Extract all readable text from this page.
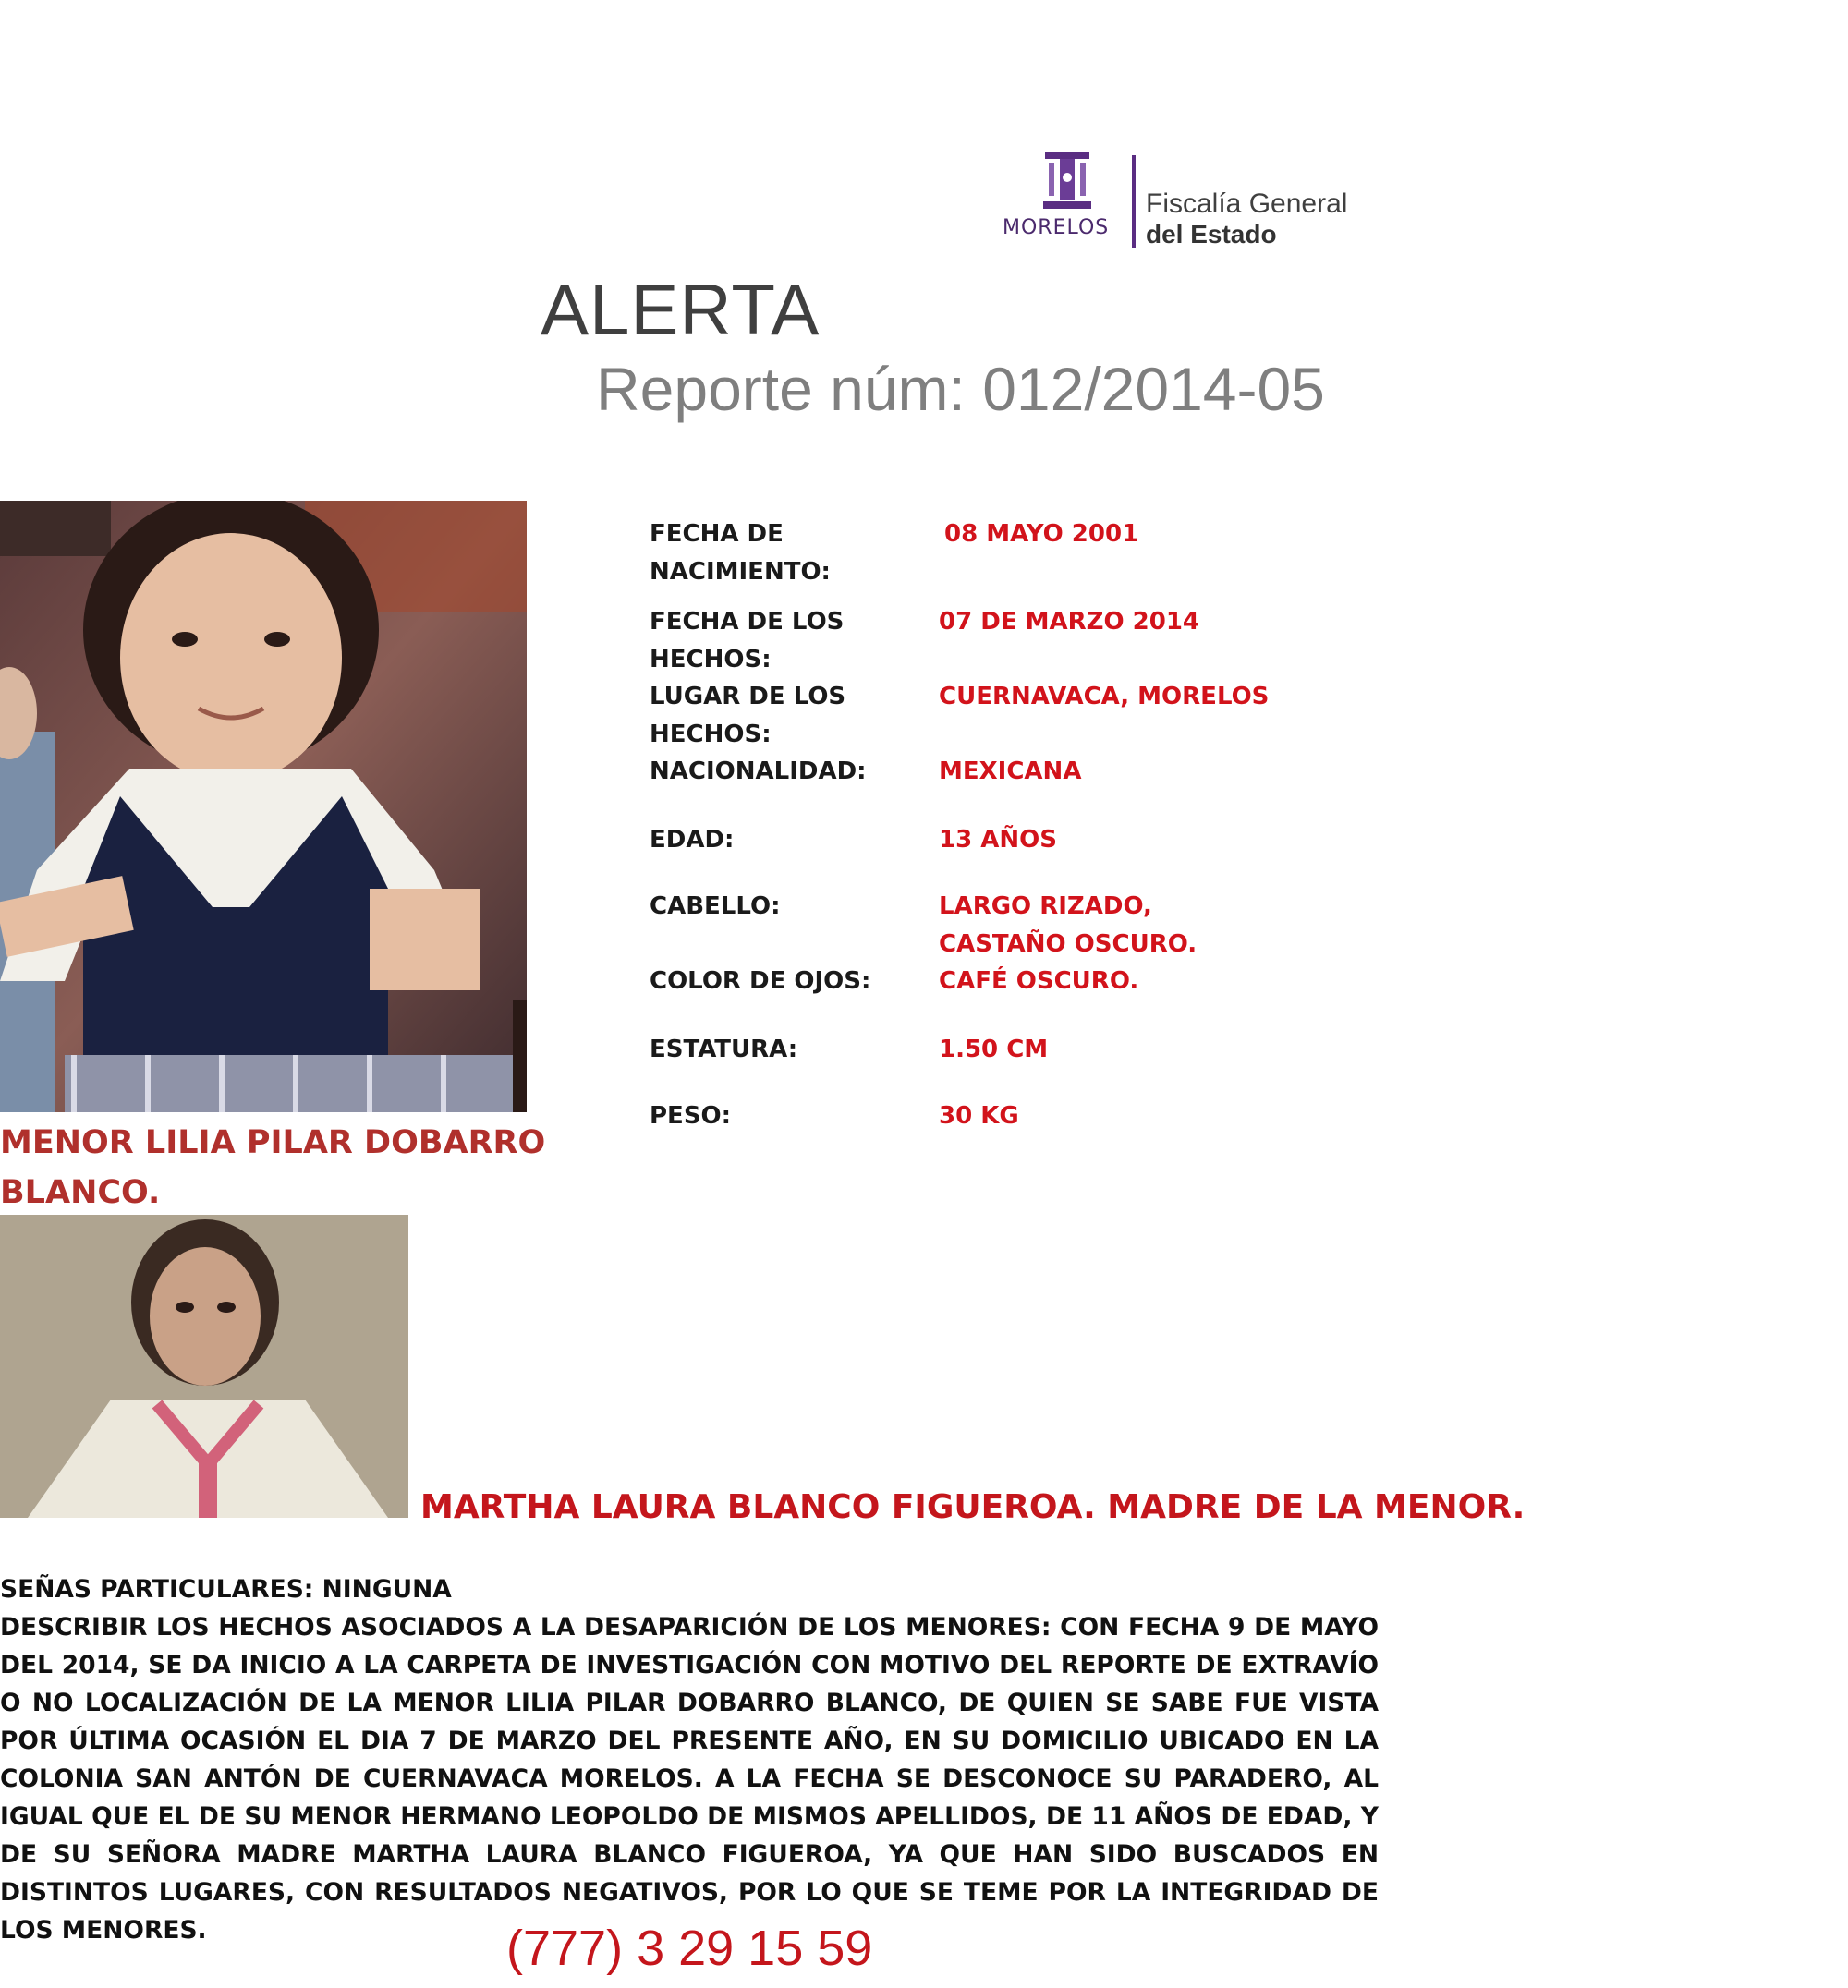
MORELOS
Fiscalía General
del Estado
ALERTA
Reporte núm: 012/2014-05
MENOR LILIA PILAR DOBARRO BLANCO.
MARTHA LAURA BLANCO FIGUEROA. MADRE DE LA MENOR.
FECHA DE NACIMIENTO:
08 MAYO 2001
FECHA DE LOS HECHOS:
07 DE MARZO 2014
LUGAR DE LOS HECHOS:
CUERNAVACA, MORELOS
NACIONALIDAD:	MEXICANA
EDAD:	13 AÑOS
CABELLO:	LARGO RIZADO, CASTAÑO OSCURO.
COLOR DE OJOS:	CAFÉ OSCURO.
ESTATURA:	1.50 CM
PESO:	30 KG

SEÑAS PARTICULARES: NINGUNA

DESCRIBIR LOS HECHOS ASOCIADOS A LA DESAPARICIÓN DE LOS MENORES: CON FECHA 9 DE MAYO DEL 2014, SE DA INICIO A LA CARPETA DE INVESTIGACIÓN CON MOTIVO DEL REPORTE DE EXTRAVÍO O NO LOCALIZACIÓN DE LA MENOR LILIA PILAR DOBARRO BLANCO, DE QUIEN SE SABE FUE VISTA POR ÚLTIMA OCASIÓN EL DIA 7 DE MARZO DEL PRESENTE AÑO, EN SU DOMICILIO UBICADO EN LA COLONIA SAN ANTÓN DE CUERNAVACA MORELOS. A LA FECHA SE DESCONOCE SU PARADERO, AL IGUAL QUE EL DE SU MENOR HERMANO LEOPOLDO DE MISMOS APELLIDOS, DE 11 AÑOS DE EDAD, Y DE SU SEÑORA MADRE MARTHA LAURA BLANCO FIGUEROA, YA QUE HAN SIDO BUSCADOS EN DISTINTOS LUGARES, CON RESULTADOS NEGATIVOS, POR LO QUE SE TEME POR LA INTEGRIDAD DE LOS MENORES.	(777) 3 29 15 59
